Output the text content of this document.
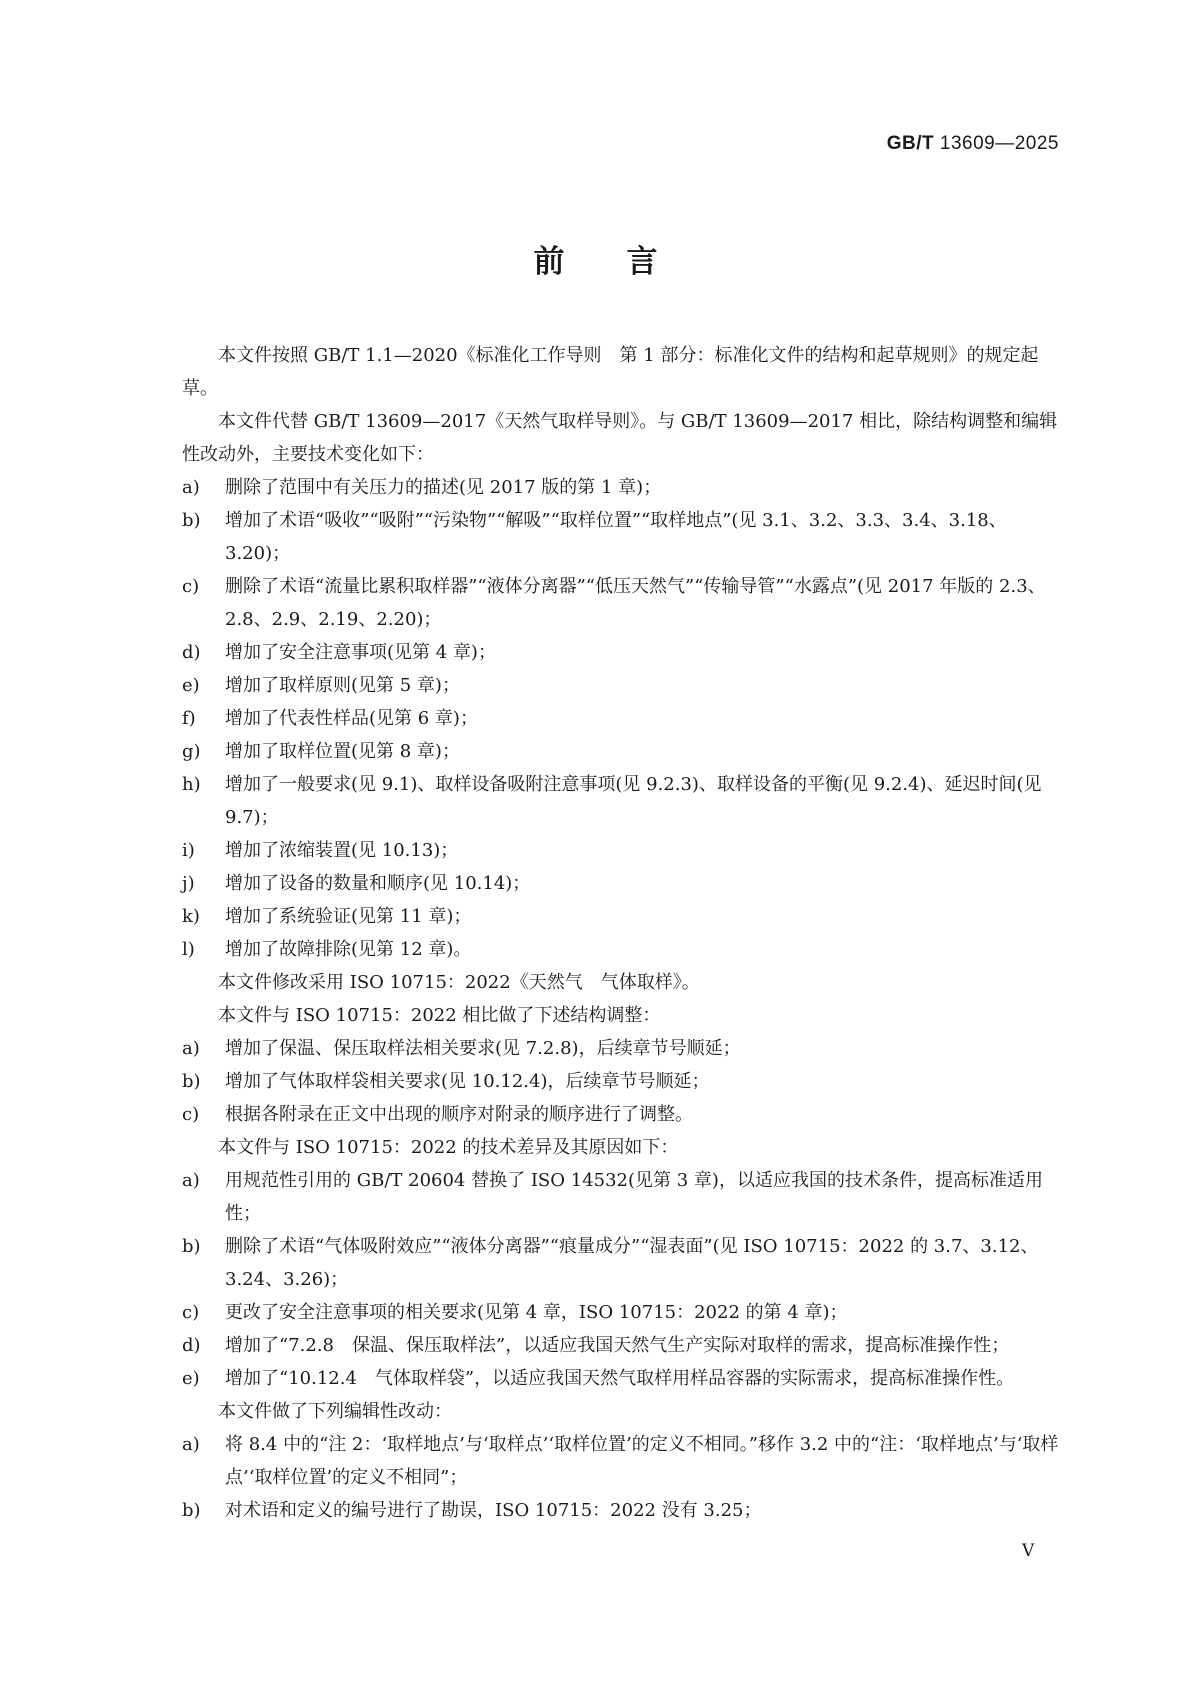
GB/T 13609—2025
前 言

本文件按照 GB/T 1.1—2020《标准化工作导则　第 1 部分：标准化文件的结构和起草规则》的规定起草。

本文件代替 GB/T 13609—2017《天然气取样导则》。与 GB/T 13609—2017 相比，除结构调整和编辑性改动外，主要技术变化如下：

a)	删除了范围中有关压力的描述(见 2017 版的第 1 章)；
b)	增加了术语“吸收”“吸附”“污染物”“解吸”“取样位置”“取样地点”(见 3.1、3.2、3.3、3.4、3.18、3.20)；
c)	删除了术语“流量比累积取样器”“液体分离器”“低压天然气”“传输导管”“水露点”(见 2017 年版的 2.3、2.8、2.9、2.19、2.20)；
d)	增加了安全注意事项(见第 4 章)；
e)	增加了取样原则(见第 5 章)；
f)	增加了代表性样品(见第 6 章)；
g)	增加了取样位置(见第 8 章)；
h)	增加了一般要求(见 9.1)、取样设备吸附注意事项(见 9.2.3)、取样设备的平衡(见 9.2.4)、延迟时间(见 9.7)；
i)	增加了浓缩装置(见 10.13)；
j)	增加了设备的数量和顺序(见 10.14)；
k)	增加了系统验证(见第 11 章)；
l)	增加了故障排除(见第 12 章)。

本文件修改采用 ISO 10715：2022《天然气　气体取样》。

本文件与 ISO 10715：2022 相比做了下述结构调整：

a)	增加了保温、保压取样法相关要求(见 7.2.8)，后续章节号顺延；
b)	增加了气体取样袋相关要求(见 10.12.4)，后续章节号顺延；
c)	根据各附录在正文中出现的顺序对附录的顺序进行了调整。

本文件与 ISO 10715：2022 的技术差异及其原因如下：

a)	用规范性引用的 GB/T 20604 替换了 ISO 14532(见第 3 章)，以适应我国的技术条件，提高标准适用性；
b)	删除了术语“气体吸附效应”“液体分离器”“痕量成分”“湿表面”(见 ISO 10715：2022 的 3.7、3.12、3.24、3.26)；
c)	更改了安全注意事项的相关要求(见第 4 章，ISO 10715：2022 的第 4 章)；
d)	增加了“7.2.8　保温、保压取样法”，以适应我国天然气生产实际对取样的需求，提高标准操作性；
e)	增加了“10.12.4　气体取样袋”，以适应我国天然气取样用样品容器的实际需求，提高标准操作性。

本文件做了下列编辑性改动：

a)	将 8.4 中的“注 2：‘取样地点’与‘取样点’‘取样位置’的定义不相同。”移作 3.2 中的“注：‘取样地点’与‘取样点’‘取样位置’的定义不相同”；
b)	对术语和定义的编号进行了勘误，ISO 10715：2022 没有 3.25；
V
